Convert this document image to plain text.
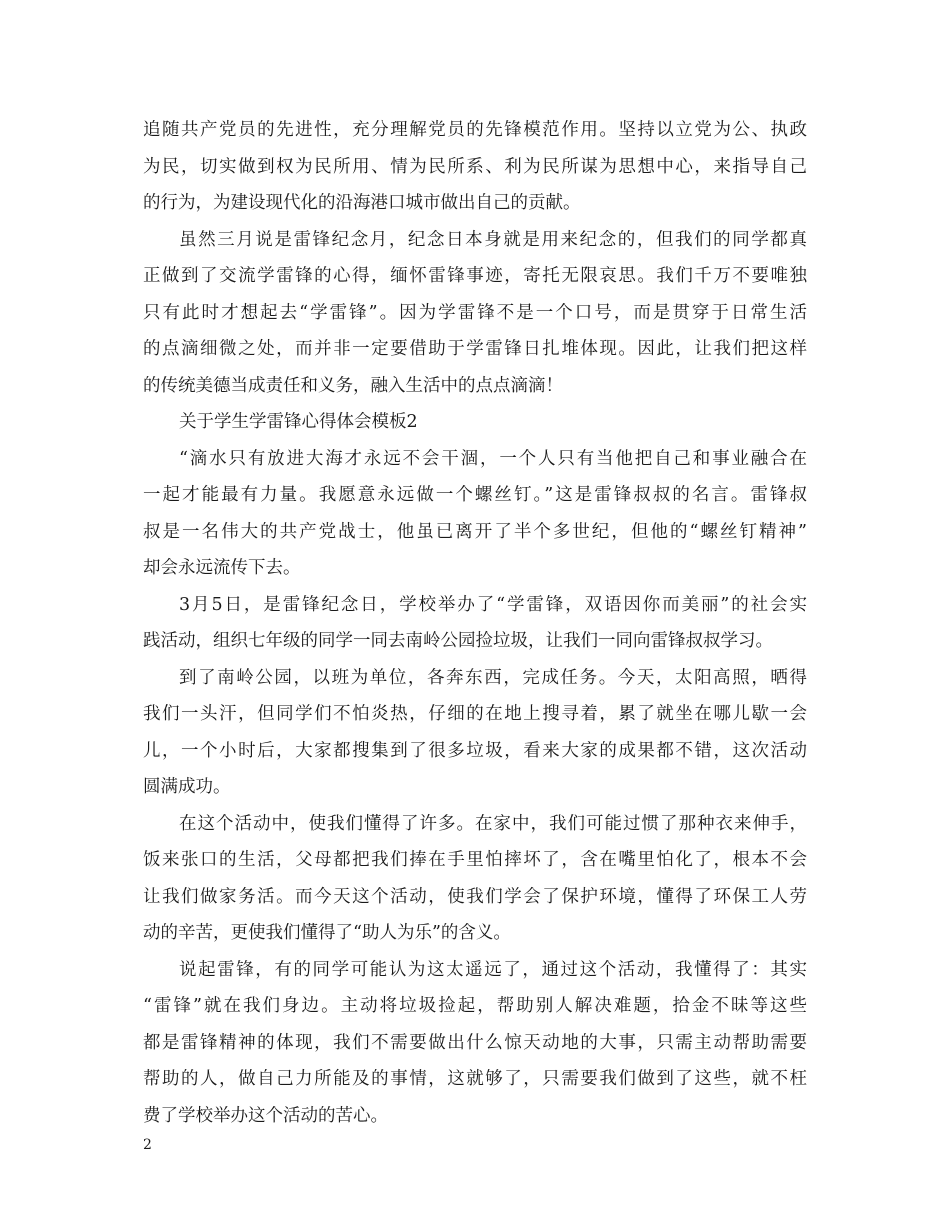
追随共产党员的先进性，充分理解党员的先锋模范作用。坚持以立党为公、执政
为民，切实做到权为民所用、情为民所系、利为民所谋为思想中心，来指导自己
的行为，为建设现代化的沿海港口城市做出自己的贡献。
虽然三月说是雷锋纪念月，纪念日本身就是用来纪念的，但我们的同学都真
正做到了交流学雷锋的心得，缅怀雷锋事迹，寄托无限哀思。我们千万不要唯独
只有此时才想起去“学雷锋”。因为学雷锋不是一个口号，而是贯穿于日常生活
的点滴细微之处，而并非一定要借助于学雷锋日扎堆体现。因此，让我们把这样
的传统美德当成责任和义务，融入生活中的点点滴滴！
关于学生学雷锋心得体会模板2
“滴水只有放进大海才永远不会干涸，一个人只有当他把自己和事业融合在
一起才能最有力量。我愿意永远做一个螺丝钉。”这是雷锋叔叔的名言。雷锋叔
叔是一名伟大的共产党战士，他虽已离开了半个多世纪，但他的“螺丝钉精神”
却会永远流传下去。
3月5日，是雷锋纪念日，学校举办了“学雷锋，双语因你而美丽”的社会实
践活动，组织七年级的同学一同去南岭公园捡垃圾，让我们一同向雷锋叔叔学习。
到了南岭公园，以班为单位，各奔东西，完成任务。今天，太阳高照，晒得
我们一头汗，但同学们不怕炎热，仔细的在地上搜寻着，累了就坐在哪儿歇一会
儿，一个小时后，大家都搜集到了很多垃圾，看来大家的成果都不错，这次活动
圆满成功。
在这个活动中，使我们懂得了许多。在家中，我们可能过惯了那种衣来伸手，
饭来张口的生活，父母都把我们捧在手里怕摔坏了，含在嘴里怕化了，根本不会
让我们做家务活。而今天这个活动，使我们学会了保护环境，懂得了环保工人劳
动的辛苦，更使我们懂得了“助人为乐”的含义。
说起雷锋，有的同学可能认为这太遥远了，通过这个活动，我懂得了：其实
“雷锋”就在我们身边。主动将垃圾捡起，帮助别人解决难题，拾金不昧等这些
都是雷锋精神的体现，我们不需要做出什么惊天动地的大事，只需主动帮助需要
帮助的人，做自己力所能及的事情，这就够了，只需要我们做到了这些，就不枉
费了学校举办这个活动的苦心。
2
